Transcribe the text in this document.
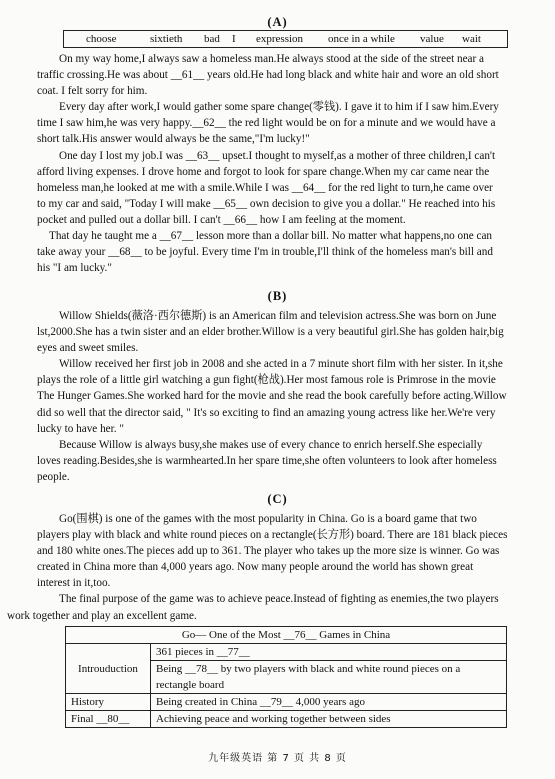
(A)
choose	sixtieth bad I expression once in a while value wait
On my way home,I always saw a homeless man.He always stood at the side of the street near a
traffic crossing.He was about __61__ years old.He had long black and white hair and wore an old short
coat. I felt sorry for him.
Every day after work,I would gather some spare change(零钱). I gave it to him if I saw him.Every
time I saw him,he was very happy.__62__ the red light would be on for a minute and we would have a
short talk.His answer would always be the same,"I'm lucky!"
One day I lost my job.I was __63__ upset.I thought to myself,as a mother of three children,I can't
afford living expenses. I drove home and forgot to look for spare change.When my car came near the
homeless man,he looked at me with a smile.While I was __64__ for the red light to turn,he came over
to my car and said, "Today I will make __65__ own decision to give you a dollar." He reached into his
pocket and pulled out a dollar bill. I can't __66__ how I am feeling at the moment.
That day he taught me a __67__ lesson more than a dollar bill. No matter what happens,no one can
take away your __68__ to be joyful. Every time I'm in trouble,I'll think of the homeless man's bill and
his "I am lucky."
(B)
Willow Shields(薇洛·西尔德斯) is an American film and television actress.She was born on June
lst,2000.She has a twin sister and an elder brother.Willow is a very beautiful girl.She has golden hair,big
eyes and sweet smiles.
Willow received her first job in 2008 and she acted in a 7 minute short film with her sister. In it,she
plays the role of a little girl watching a gun fight(枪战).Her most famous role is Primrose in the movie
The Hunger Games.She worked hard for the movie and she read the book carefully before acting.Willow
did so well that the director said, " It's so exciting to find an amazing young actress like her.We're very
lucky to have her. "
Because Willow is always busy,she makes use of every chance to enrich herself.She especially
loves reading.Besides,she is warmhearted.In her spare time,she often volunteers to look after homeless
people.
(C)
Go(围棋) is one of the games with the most popularity in China. Go is a board game that two
players play with black and white round pieces on a rectangle(长方形) board. There are 181 black pieces
and 180 white ones.The pieces add up to 361. The player who takes up the more size is winner. Go was
created in China more than 4,000 years ago. Now many people around the world has shown great
interest in it,too.
The final purpose of the game was to achieve peace.Instead of fighting as enemies,the two players
work together and play an excellent game.
Go— One of the Most __76__ Games in China	
Introuduction	361 pieces in __77__
	Being __78__ by two players with black and white round pieces on a
	rectangle board
History	Being created in China __79__ 4,000 years ago
Final __80__	Achieving peace and working together between sides
九年级英语 第 7 页 共 8 页
